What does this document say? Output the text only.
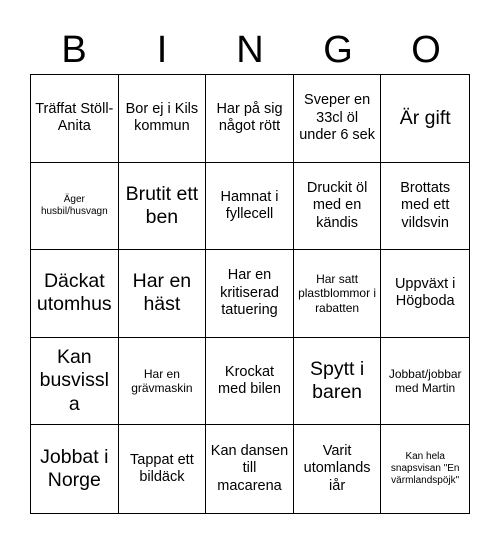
B	I	N	G	O
Träffat Stöll-Anita
Bor ej i Kils kommun
Har på sig något rött
Sveper en 33cl öl under 6 sek
Är gift
Äger husbil/husvagn
Brutit ett ben
Hamnat i fyllecell
Druckit öl med en kändis
Brottats med ett vildsvin
Däckat utomhus
Har en häst
Har en kritiserad tatuering
Har satt plastblommor i rabatten
Uppväxt i Högboda
Kan busvissla
Har en grävmaskin
Krockat med bilen
Spytt i baren
Jobbat/jobbar med Martin
Jobbat i Norge
Tappat ett bildäck
Kan dansen till macarena
Varit utomlands iår
Kan hela snapsvisan "En värmlandspöjk"
